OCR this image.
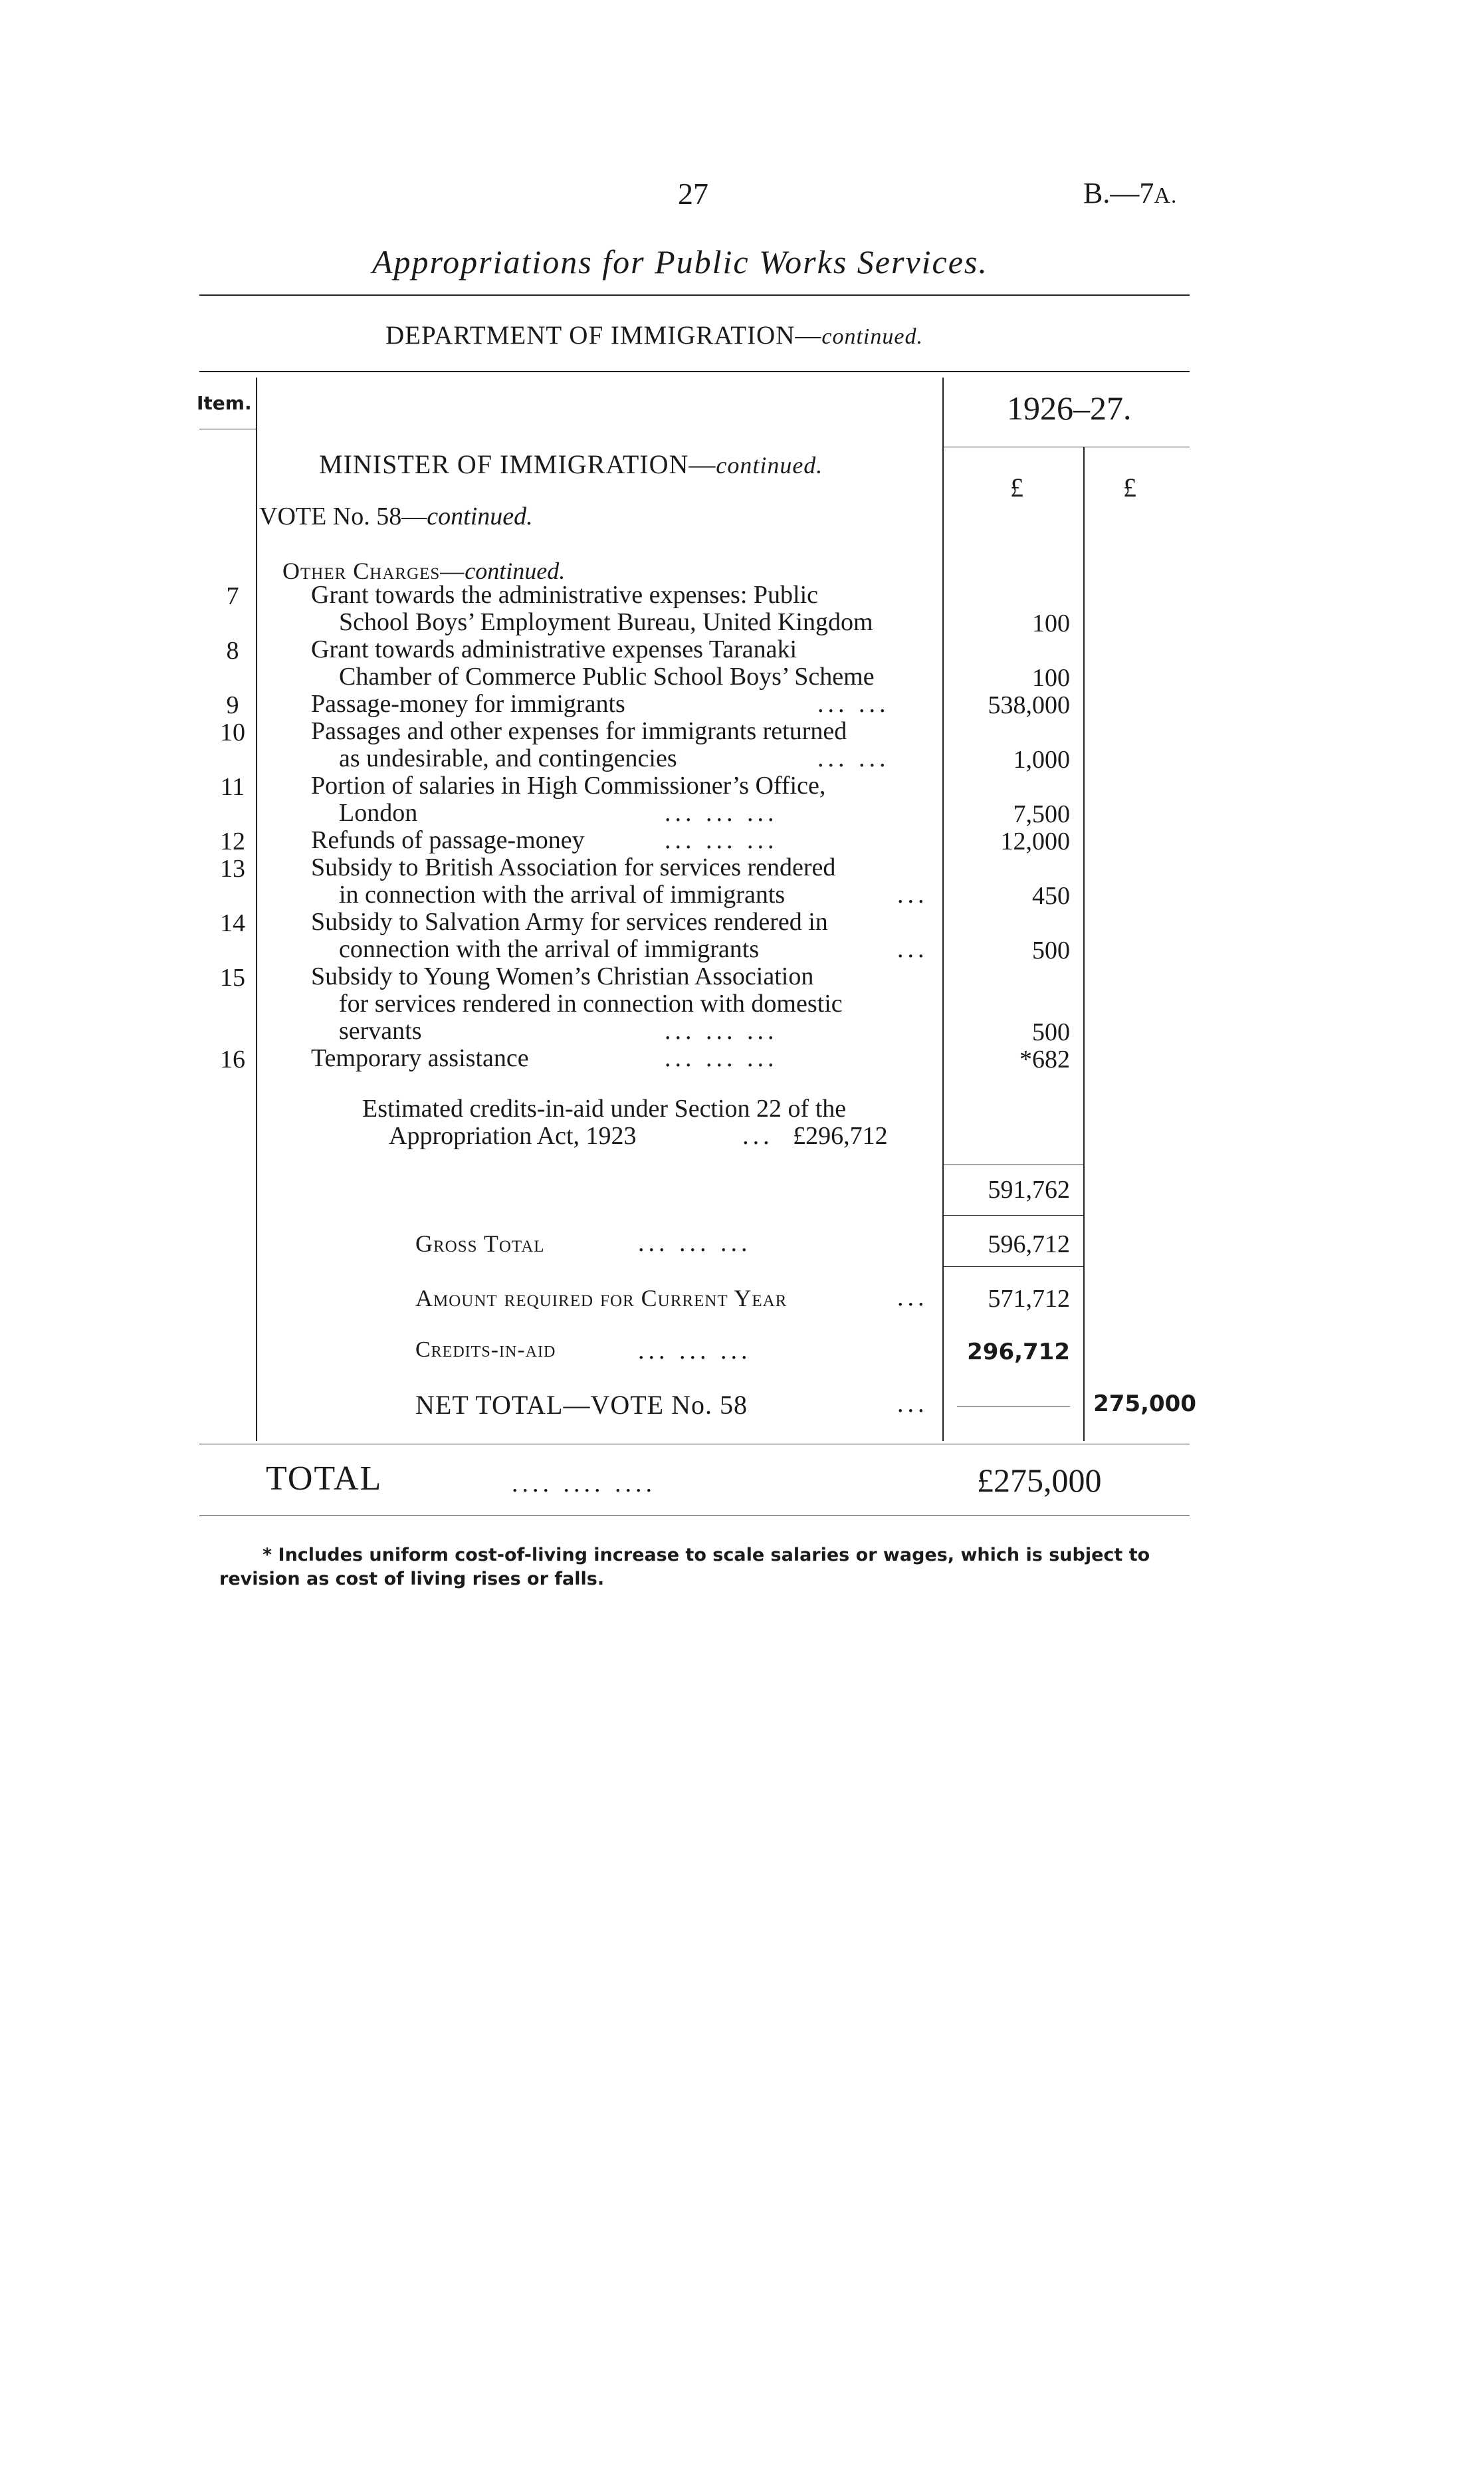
27	B.—7A.
Appropriations for Public Works Services.
DEPARTMENT OF IMMIGRATION—continued.
Item.	1926–27.
£	£
MINISTER OF IMMIGRATION—continued.
VOTE No. 58—continued.
Other Charges—continued.
7	Grant towards the administrative expenses: Public
School Boys’ Employment Bureau, United Kingdom	100
8	Grant towards administrative expenses Taranaki
Chamber of Commerce Public School Boys’ Scheme	100
9	Passage-money for immigrants	... ...	538,000
10	Passages and other expenses for immigrants returned
as undesirable, and contingencies	... ...	1,000
11	Portion of salaries in High Commissioner’s Office,
London	... ... ...	7,500
12	Refunds of passage-money	... ... ...	12,000
13	Subsidy to British Association for services rendered
in connection with the arrival of immigrants	...	450
14	Subsidy to Salvation Army for services rendered in
connection with the arrival of immigrants	...	500
15	Subsidy to Young Women’s Christian Association
for services rendered in connection with domestic
servants	... ... ...	500
16	Temporary assistance	... ... ...	*682
Estimated credits-in-aid under Section 22 of the
Appropriation Act, 1923	... £296,712
591,762
Gross Total	... ... ...	596,712
Amount required for Current Year	...	571,712
Credits-in-aid	... ... ...	296,712
NET TOTAL—VOTE No. 58	...	275,000
TOTAL	.... .... ....	£275,000
* Includes uniform cost-of-living increase to scale salaries or wages, which is subject to
revision as cost of living rises or falls.
